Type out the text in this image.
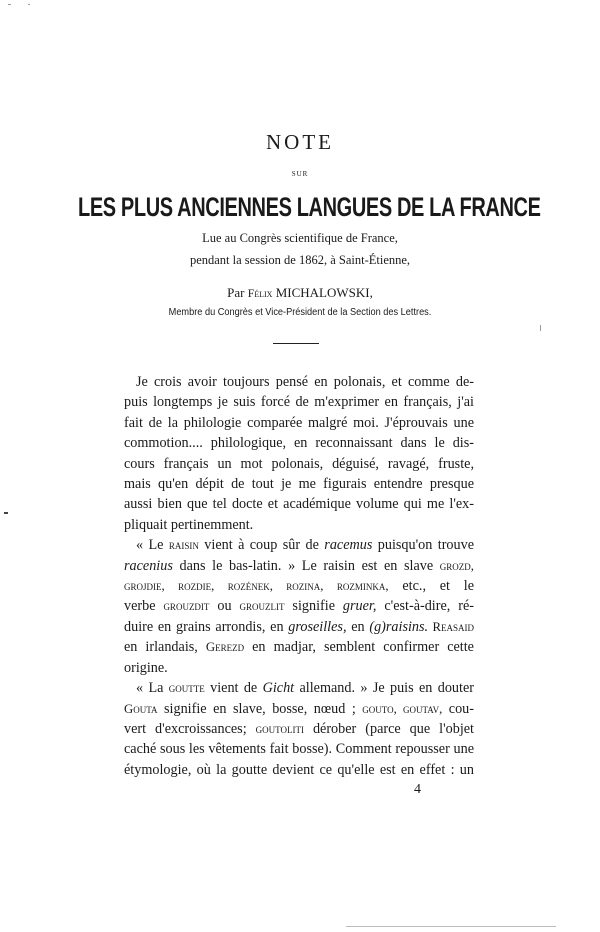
NOTE
SUR
LES PLUS ANCIENNES LANGUES DE LA FRANCE
Lue au Congrès scientifique de France,
pendant la session de 1862, à Saint-Étienne,
Par Félix MICHALOWSKI,
Membre du Congrès et Vice-Président de la Section des Lettres.
Je crois avoir toujours pensé en polonais, et comme de-
puis longtemps je suis forcé de m'exprimer en français, j'ai
fait de la philologie comparée malgré moi. J'éprouvais une
commotion.... philologique, en reconnaissant dans le dis-
cours français un mot polonais, déguisé, ravagé, fruste,
mais qu'en dépit de tout je me figurais entendre presque
aussi bien que tel docte et académique volume qui me l'ex-
pliquait pertinemment.
« Le raisin vient à coup sûr de racemus puisqu'on trouve
racenius dans le bas-latin. » Le raisin est en slave grozd,
grojdie, rozdie, rozének, rozina, rozminka, etc., et le
verbe grouzdit ou grouzlit signifie gruer, c'est-à-dire, ré-
duire en grains arrondis, en groseilles, en (g)raisins. Reasaid
en irlandais, Gerezd en madjar, semblent confirmer cette
origine.
« La goutte vient de Gicht allemand. » Je puis en douter
Gouta signifie en slave, bosse, nœud ; gouto, goutav, cou-
vert d'excroissances; goutoliti dérober (parce que l'objet
caché sous les vêtements fait bosse). Comment repousser une
étymologie, où la goutte devient ce qu'elle est en effet : un
4
